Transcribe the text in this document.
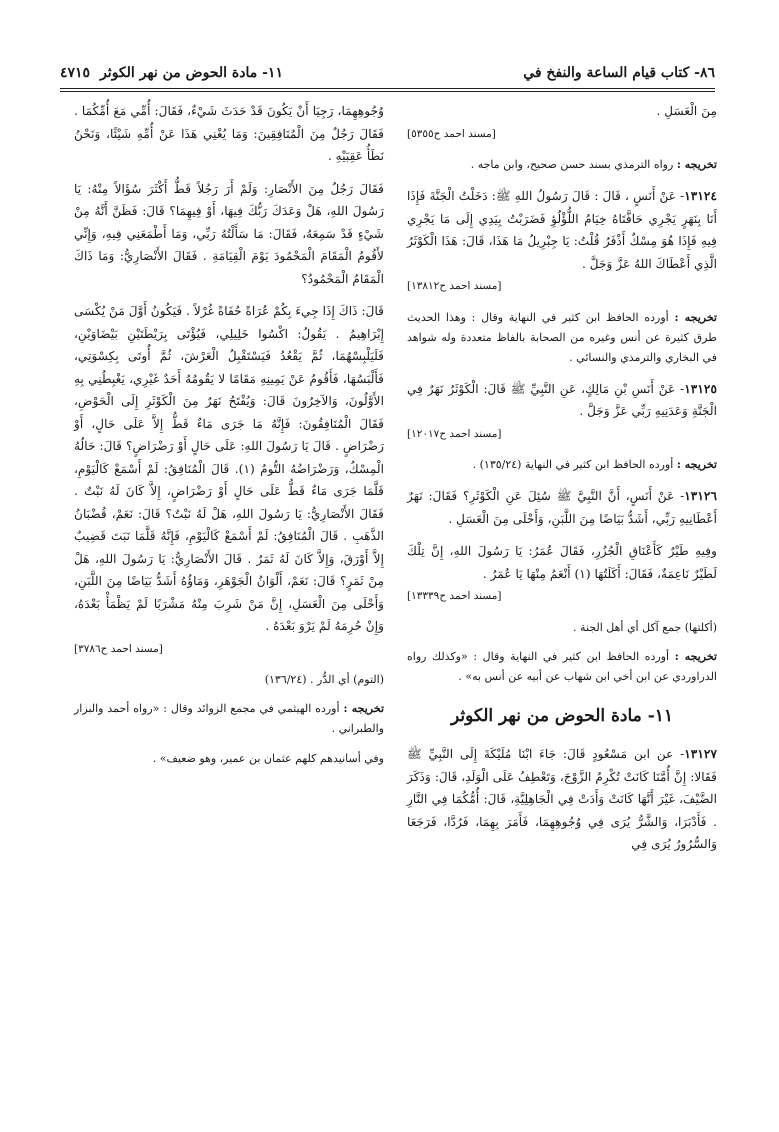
٨٦- كتاب قيام الساعة والنفخ في
٤٧١٥ ١١- مادة الحوض من نهر الكوثر

مِنَ الْعَسَلِ .
[مسند احمد ح٥٣٥٥]

تخريجه : رواه الترمذي بسند حسن صحيح، وابن ماجه .

١٣١٢٤- عَنْ أَنَسٍ ، قَالَ : قَالَ رَسُولُ اللهِ ﷺ: دَخَلْتُ الْجَنَّةَ فَإِذَا أَنَا بِنَهَرٍ يَجْرِي حَافَّتَاهُ خِيَامُ اللُّؤْلُؤِ فَضَرَبْتُ بِيَدِي إِلَى مَا يَجْرِي فِيهِ فَإِذَا هُوَ مِسْكٌ أَذْفَرُ قُلْتُ: يَا جِبْرِيلُ مَا هَذَا، قَالَ: هَذَا الْكَوْثَرُ الَّذِي أَعْطَاكَ اللهُ عَزَّ وَجَلَّ .
[مسند احمد ح١٣٨١٢]

تخريجه : أورده الحافظ ابن كثير في النهاية وقال : وهذا الحديث طرق كثيرة عن أنس وغيره من الصحابة بالفاظ متعددة وله شواهد في البخاري والترمذي والنسائي .

١٣١٢٥- عَنْ أَنَسِ بْنِ مَالِكٍ، عَنِ النَّبِيِّ ﷺ قَالَ: الْكَوْثَرُ نَهَرٌ فِي الْجَنَّةِ وَعَدَنِيهِ رَبِّي عَزَّ وَجَلَّ .
[مسند احمد ح١٢٠١٧]

تخريجه : أورده الحافظ ابن كثير في النهاية (١٣٥/٢٤) .

١٣١٢٦- عَنْ أَنَسٍ، أَنَّ النَّبِيَّ ﷺ سُئِلَ عَنِ الْكَوْثَرِ؟ فَقَالَ: نَهَرٌ أَعْطَانِيهِ رَبِّي، أَشَدُّ بَيَاضًا مِنَ اللَّبَنِ، وَأَحْلَى مِنَ الْعَسَلِ .

وفِيهِ طَيْرٌ كَأَعْنَاقِ الْجُزُرِ، فَقَالَ عُمَرُ: يَا رَسُولَ اللهِ، إِنَّ تِلْكَ لَطَيْرٌ نَاعِمَةٌ، فَقَالَ: أَكَلَتُهَا (١) أَنْعَمُ مِنْهَا يَا عُمَرُ .
[مسند احمد ح١٣٣٣٩]

(أكلتها) جمع آكل أي أهل الجنة .

تخريجه : أورده الحافظ ابن كثير في النهاية وقال : «وكذلك رواه الدراوردي عن ابن أخي ابن شهاب عن أبيه عن أنس به» .

١١- مادة الحوض من نهر الكوثر

١٣١٢٧- عن ابن مَسْعُودٍ قَالَ: جَاءَ ابْنَا مُلَيْكَةَ إِلَى النَّبِيِّ ﷺ فَقَالا: إِنَّ أُمَّنَا كَانَتْ تُكْرِمُ الزَّوْجَ، وَتَعْطِفُ عَلَى الْوَلَدِ، قَالَ: وَذَكَرَ الضَّيْفَ، غَيْرَ أَنَّهَا كَانَتْ وَأَدَتْ فِي الْجَاهِلِيَّةِ، قَالَ: أُمُّكُمَا فِي النَّارِ . فَأَدْبَرَا، وَالشَّرُّ يُرَى فِي وُجُوهِهِمَا، فَأَمَرَ بِهِمَا، فَرُدَّا، فَرَجَعَا وَالسُّرُورُ يُرَى فِي

وُجُوهِهِمَا، رَجِيَا أَنْ يَكُونَ قَدْ حَدَثَ شَيْءٌ، فَقَالَ: أُمِّي مَعَ أُمِّكُمَا . فَقَالَ رَجُلٌ مِنَ الْمُنَافِقِينَ: وَمَا يُغْنِي هَذَا عَنْ أُمِّهِ شَيْئًا، وَنَحْنُ نَطَأُ عَقِبَيْهِ .

فَقَالَ رَجُلٌ مِنَ الأَنْصَارِ: وَلَمْ أَرَ رَجُلاً قَطُّ أَكْثَرَ سُؤَالاً مِنْهُ: يَا رَسُولَ اللهِ، هَلْ وَعَدَكَ رَبُّكَ فِيهَا، أَوْ فِيهِمَا؟ قَالَ: فَظَنَّ أَنَّهُ مِنْ شَيْءٍ قَدْ سَمِعَهُ، فَقَالَ: مَا سَأَلْتُهُ رَبِّي، وَمَا أَطْمَعَنِي فِيهِ، وَإِنِّي لأَقُومُ الْمَقَامَ الْمَحْمُودَ يَوْمَ الْقِيَامَةِ . فَقَالَ الأَنْصَارِيُّ: وَمَا ذَاكَ الْمَقَامُ الْمَحْمُودُ؟

قَالَ: ذَاكَ إِذَا جِيءَ بِكُمْ عُرَاةً حُفَاةً غُرْلاً . فَيَكُونُ أَوَّلَ مَنْ يُكْسَى إِبْرَاهِيمُ . يَقُولُ: اكْسُوا خَلِيلِي، فَيُؤْتَى بِرَيْطَتَيْنِ بَيْضَاوَيْنِ، فَلَيَلْبِسْهُمَا، ثُمَّ يَقْعُدُ فَيَسْتَقْبِلُ الْعَرْشَ، ثُمَّ أُوتَى بِكِسْوَتِي، فَأَلْبَسُهَا، فَأَقُومُ عَنْ يَمِينِهِ مَقَامًا لا يَقُومُهُ أَحَدٌ غَيْرِي، يَغْبِطُنِي بِهِ الأَوَّلُونَ، وَالآخِرُونَ قَالَ: وَيُفْتَحُ نَهَرٌ مِنَ الْكَوْثَرِ إِلَى الْحَوْضِ، فَقَالَ الْمُنَافِقُونَ: فَإِنَّهُ مَا جَرَى مَاءٌ قَطُّ إِلاَّ عَلَى حَالٍ، أَوْ رَضْرَاضٍ . قَالَ يَا رَسُولَ اللهِ: عَلَى حَالٍ أَوْ رَضْرَاضٍ؟ قَالَ: حَالُهُ الْمِسْكُ، وَرَضْرَاضُهُ التُّومُ (١). قَالَ الْمُنَافِقُ: لَمْ أَسْمَعْ كَالْيَوْمِ، قَلَّمَا جَرَى مَاءٌ قَطُّ عَلَى حَالٍ أَوْ رَضْرَاضٍ، إِلاَّ كَانَ لَهُ نَبْتٌ . فَقَالَ الأَنْصَارِيُّ: يَا رَسُولَ اللهِ، هَلْ لَهُ نَبْتٌ؟ قَالَ: نَعَمْ، قُضْبَانُ الذَّهَبِ . قَالَ الْمُنَافِقُ: لَمْ أَسْمَعْ كَالْيَوْمِ، فَإِنَّهُ قَلَّمَا نَبَتَ قَضِيبٌ إِلاَّ أَوْرَقَ، وَإِلاَّ كَانَ لَهُ ثَمَرٌ . قَالَ الأَنْصَارِيُّ: يَا رَسُولَ اللهِ، هَلْ مِنْ ثَمَرٍ؟ قَالَ: نَعَمْ، أَلْوَانُ الْجَوْهَرِ، وَمَاؤُهُ أَشَدُّ بَيَاضًا مِنَ اللَّبَنِ، وَأَحْلَى مِنَ الْعَسَلِ، إِنَّ مَنْ شَرِبَ مِنْهُ مَشْرَبًا لَمْ يَظْمَأْ بَعْدَهُ، وَإِنْ حُرِمَهُ لَمْ يَرْوَ بَعْدَهُ .
[مسند احمد ح٣٧٨٦]

(التوم) أي الدُّر . (١٣٦/٢٤)

تخريجه : أورده الهيثمي في مجمع الزوائد وقال : «رواه أحمد والبزار والطبراني .

وفي أسانيدهم كلهم عثمان بن عمير، وهو ضعيف» .
